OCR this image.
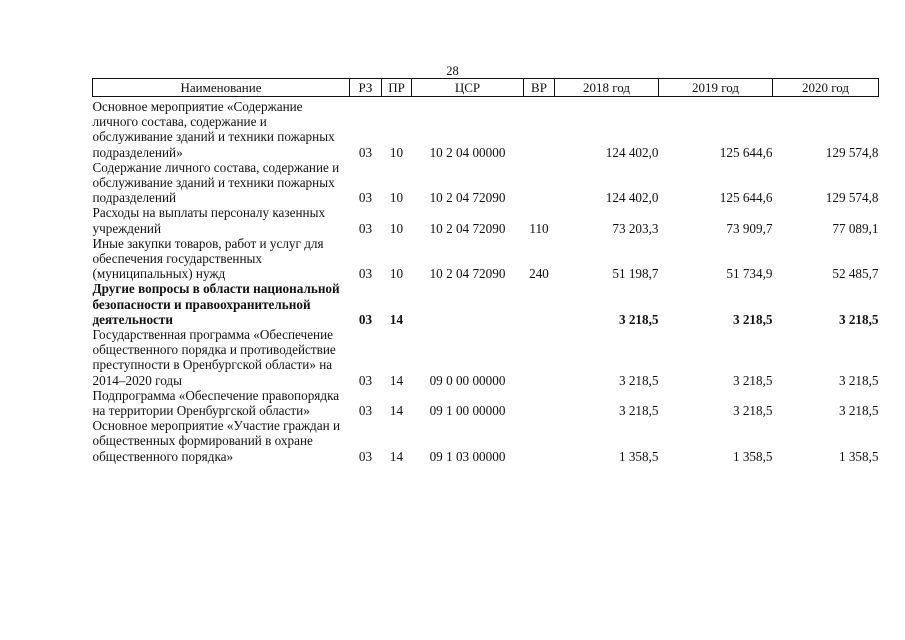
28
Наименование	РЗ	ПР	ЦСР	ВР	2018 год	2019 год	2020 год

Основное мероприятие «Содержание личного состава, содержание и обслуживание зданий и техники пожарных подразделений»	03	10	10 2 04 00000		124 402,0	125 644,6	129 574,8
Содержание личного состава, содержание и обслуживание зданий и техники пожарных подразделений	03	10	10 2 04 72090		124 402,0	125 644,6	129 574,8
Расходы на выплаты персоналу казенных учреждений	03	10	10 2 04 72090	110	73 203,3	73 909,7	77 089,1
Иные закупки товаров, работ и услуг для обеспечения государственных (муниципальных) нужд	03	10	10 2 04 72090	240	51 198,7	51 734,9	52 485,7
Другие вопросы в области национальной безопасности и правоохранительной деятельности	03	14			3 218,5	3 218,5	3 218,5
Государственная программа «Обеспечение общественного порядка и противодействие преступности в Оренбургской области» на 2014–2020 годы	03	14	09 0 00 00000		3 218,5	3 218,5	3 218,5
Подпрограмма «Обеспечение правопорядка на территории Оренбургской области»	03	14	09 1 00 00000		3 218,5	3 218,5	3 218,5
Основное мероприятие «Участие граждан и общественных формирований в охране общественного порядка»	03	14	09 1 03 00000		1 358,5	1 358,5	1 358,5
